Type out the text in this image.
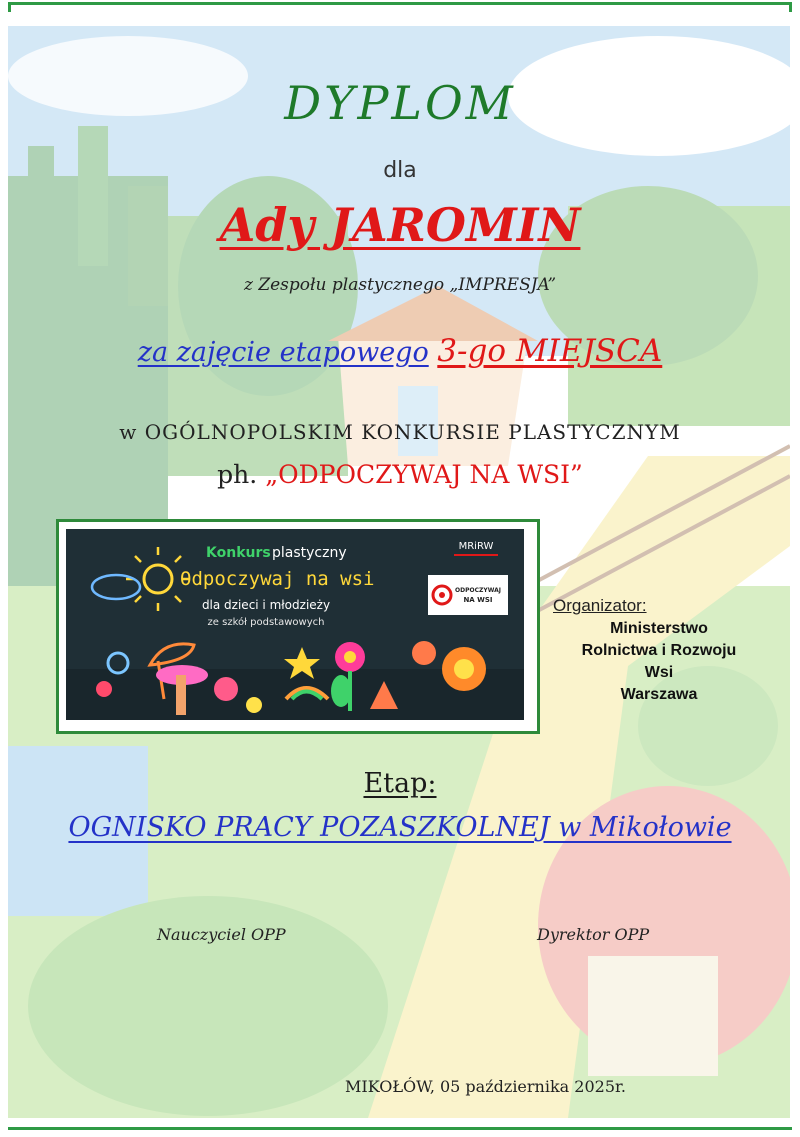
DYPLOM
dla
Ady JAROMIN
z Zespołu plastycznego „IMPRESJA”
za zajęcie etapowego 3-go MIEJSCA
w OGÓLNOPOLSKIM KONKURSIE PLASTYCZNYM
ph. „ODPOCZYWAJ NA WSI”
Konkurs plastyczny
Odpoczywaj na wsi
dla dzieci i młodzieży
ze szkół podstawowych
MRiRW
ODPOCZYWAJ
NA WSI	Organizator:
Ministerstwo
Rolnictwa i Rozwoju
Wsi
Warszawa
Etap:
OGNISKO PRACY POZASZKOLNEJ w Mikołowie
Nauczyciel OPP	Dyrektor OPP
MIKOŁÓW, 05 października 2025r.
